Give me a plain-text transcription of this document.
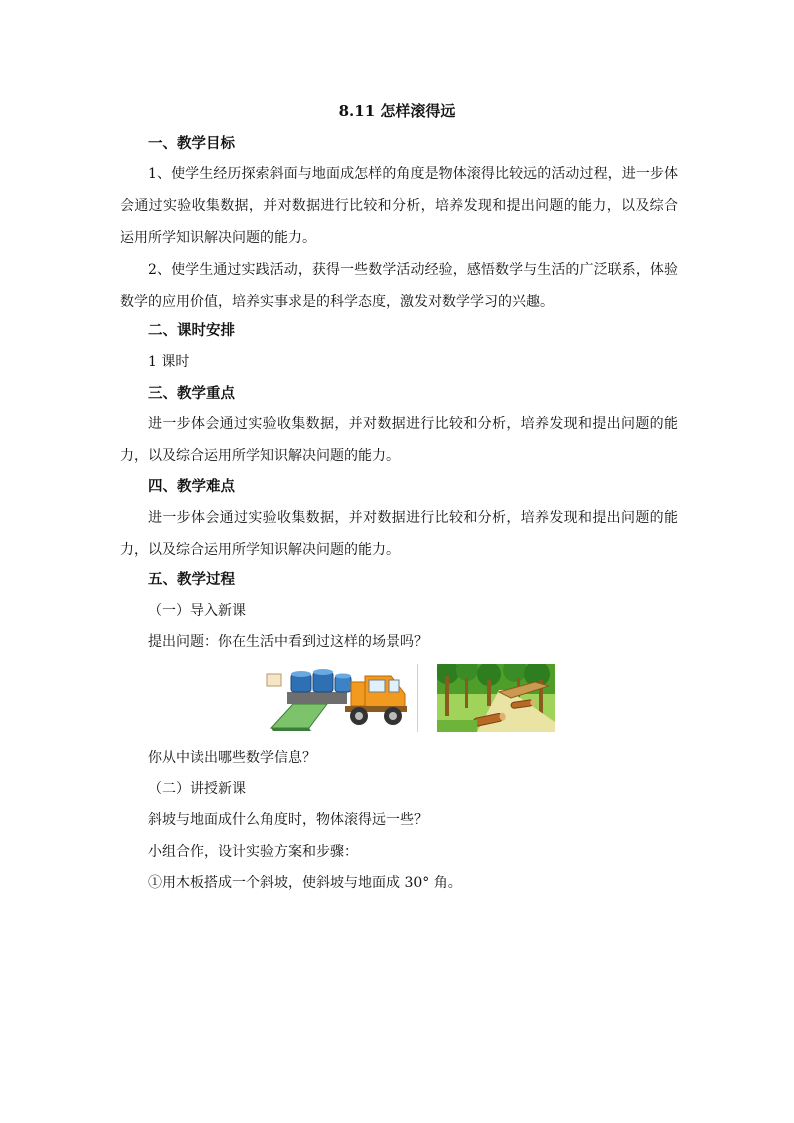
8.11 怎样滚得远
一、教学目标
1、使学生经历探索斜面与地面成怎样的角度是物体滚得比较远的活动过程，进一步体会通过实验收集数据，并对数据进行比较和分析，培养发现和提出问题的能力，以及综合运用所学知识解决问题的能力。
2、使学生通过实践活动，获得一些数学活动经验，感悟数学与生活的广泛联系，体验数学的应用价值，培养实事求是的科学态度，激发对数学学习的兴趣。
二、课时安排
1 课时
三、教学重点
进一步体会通过实验收集数据，并对数据进行比较和分析，培养发现和提出问题的能力，以及综合运用所学知识解决问题的能力。
四、教学难点
进一步体会通过实验收集数据，并对数据进行比较和分析，培养发现和提出问题的能力，以及综合运用所学知识解决问题的能力。
五、教学过程
（一）导入新课
提出问题：你在生活中看到过这样的场景吗？
你从中读出哪些数学信息？
（二）讲授新课
斜坡与地面成什么角度时，物体滚得远一些？
小组合作，设计实验方案和步骤：
①用木板搭成一个斜坡，使斜坡与地面成 30° 角。
